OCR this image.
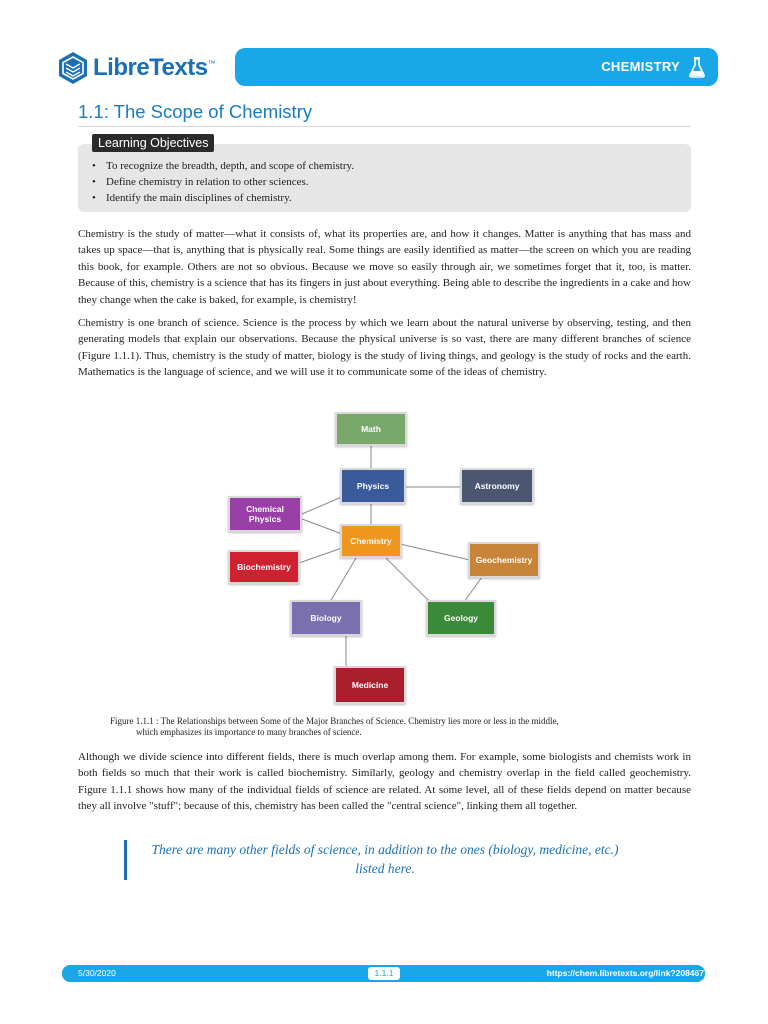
LibreTexts™	CHEMISTRY
1.1: The Scope of Chemistry
Learning Objectives
• To recognize the breadth, depth, and scope of chemistry.
• Define chemistry in relation to other sciences.
• Identify the main disciplines of chemistry.

Chemistry is the study of matter—what it consists of, what its properties are, and how it changes. Matter is anything that has mass and takes up space—that is, anything that is physically real. Some things are easily identified as matter—the screen on which you are reading this book, for example. Others are not so obvious. Because we move so easily through air, we sometimes forget that it, too, is matter. Because of this, chemistry is a science that has its fingers in just about everything. Being able to describe the ingredients in a cake and how they change when the cake is baked, for example, is chemistry!

Chemistry is one branch of science. Science is the process by which we learn about the natural universe by observing, testing, and then generating models that explain our observations. Because the physical universe is so vast, there are many different branches of science (Figure 1.1.1). Thus, chemistry is the study of matter, biology is the study of living things, and geology is the study of rocks and the earth. Mathematics is the language of science, and we will use it to communicate some of the ideas of chemistry.

Math
Physics	Astronomy
Chemical
Physics
Chemistry
Biochemistry
Geochemistry
Biology	Geology
Medicine

Figure 1.1.1 : The Relationships between Some of the Major Branches of Science. Chemistry lies more or less in the middle,
which emphasizes its importance to many branches of science.

Although we divide science into different fields, there is much overlap among them. For example, some biologists and chemists work in both fields so much that their work is called biochemistry. Similarly, geology and chemistry overlap in the field called geochemistry. Figure 1.1.1 shows how many of the individual fields of science are related. At some level, all of these fields depend on matter because they all involve "stuff"; because of this, chemistry has been called the "central science", linking them all together.

There are many other fields of science, in addition to the ones (biology, medicine, etc.) listed here.

5/30/2020	1.1.1	https://chem.libretexts.org/link?208467
